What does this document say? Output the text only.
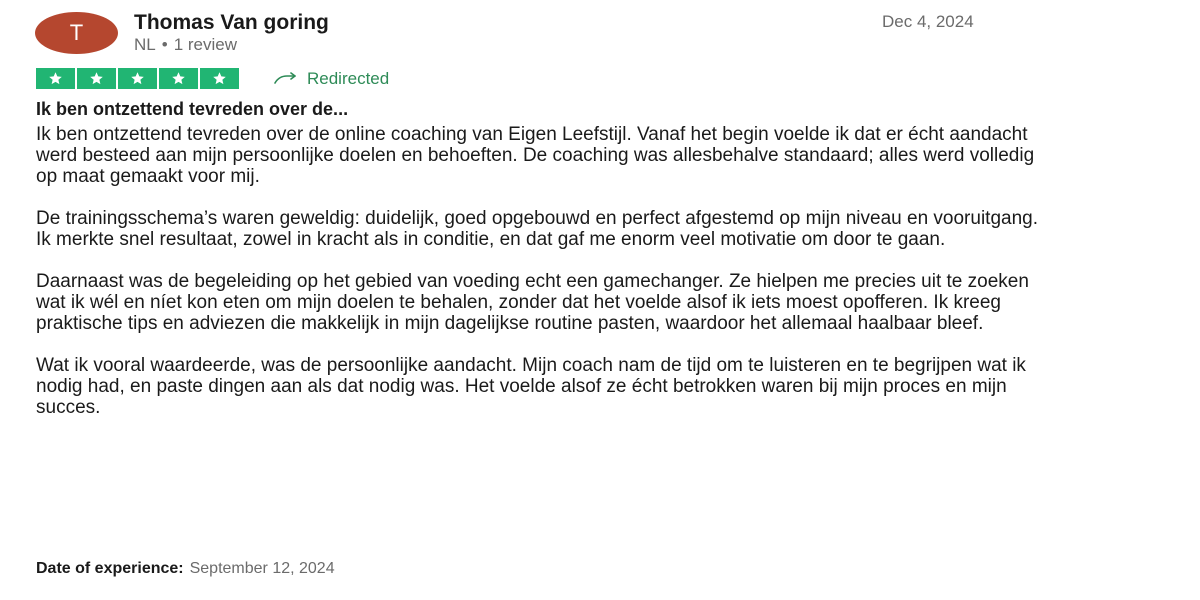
T Thomas Van goring
NL • 1 review
Dec 4, 2024
Redirected
Ik ben ontzettend tevreden over de...

Ik ben ontzettend tevreden over de online coaching van Eigen Leefstijl. Vanaf het begin voelde ik dat er écht aandacht werd besteed aan mijn persoonlijke doelen en behoeften. De coaching was allesbehalve standaard; alles werd volledig op maat gemaakt voor mij.

De trainingsschema’s waren geweldig: duidelijk, goed opgebouwd en perfect afgestemd op mijn niveau en vooruitgang. Ik merkte snel resultaat, zowel in kracht als in conditie, en dat gaf me enorm veel motivatie om door te gaan.

Daarnaast was de begeleiding op het gebied van voeding echt een gamechanger. Ze hielpen me precies uit te zoeken wat ik wél en níet kon eten om mijn doelen te behalen, zonder dat het voelde alsof ik iets moest opofferen. Ik kreeg praktische tips en adviezen die makkelijk in mijn dagelijkse routine pasten, waardoor het allemaal haalbaar bleef.

Wat ik vooral waardeerde, was de persoonlijke aandacht. Mijn coach nam de tijd om te luisteren en te begrijpen wat ik nodig had, en paste dingen aan als dat nodig was. Het voelde alsof ze écht betrokken waren bij mijn proces en mijn succes.

Date of experience: September 12, 2024
